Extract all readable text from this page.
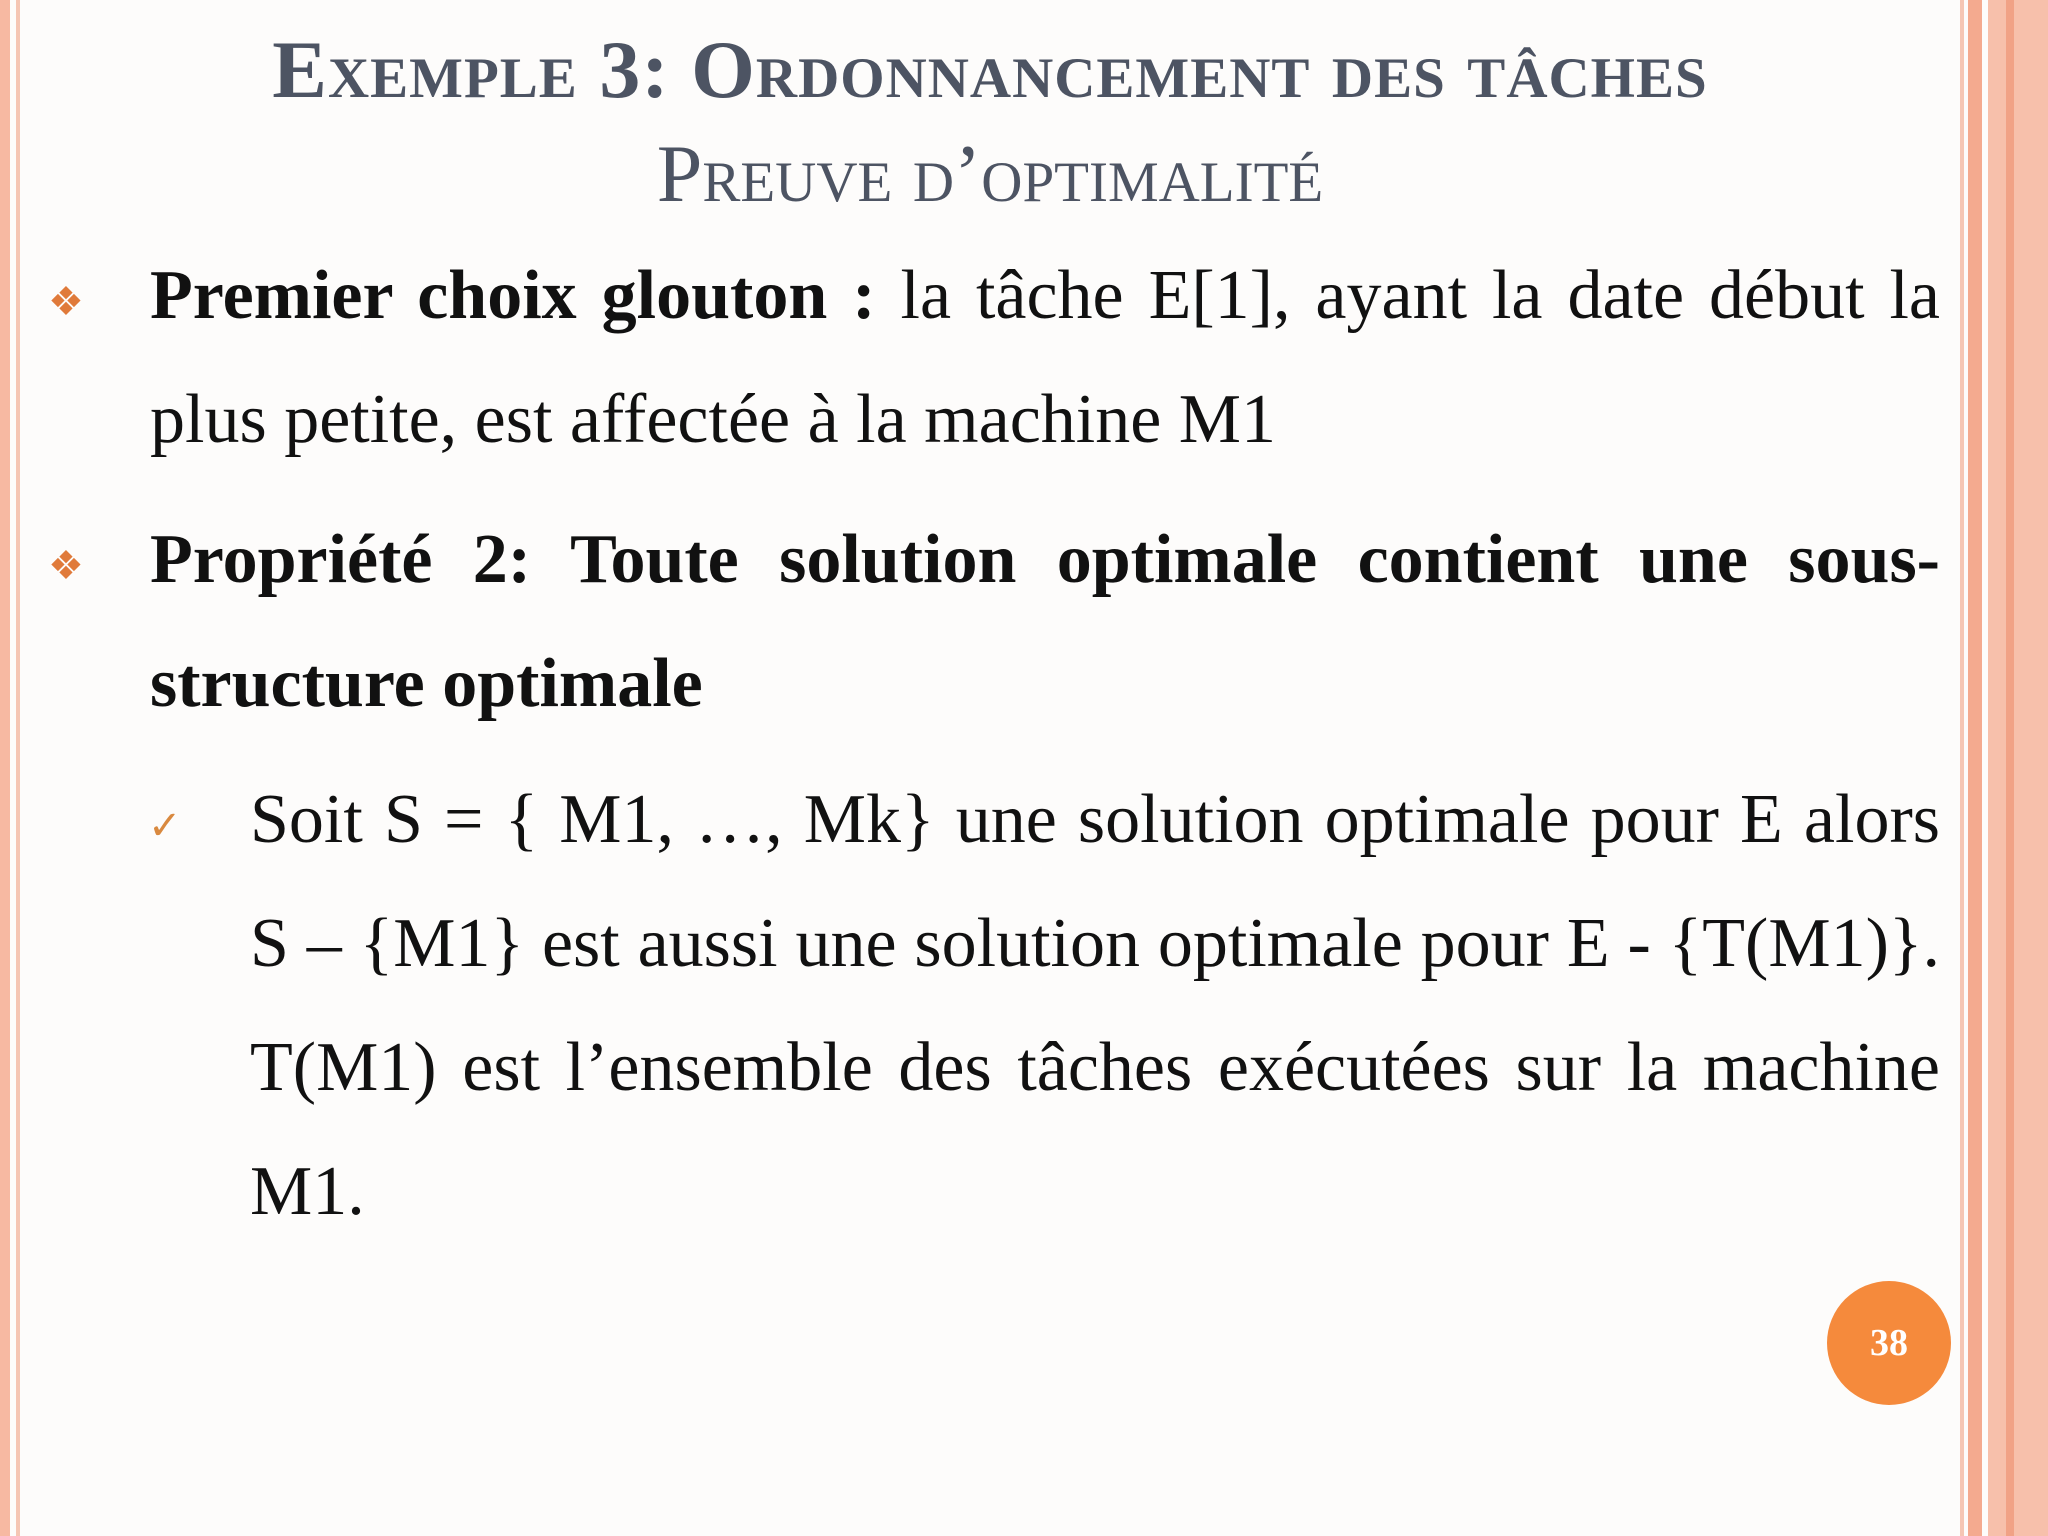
Exemple 3: Ordonnancement des tâches
Preuve d’optimalité
❖ Premier choix glouton : la tâche E[1], ayant la date début la plus petite, est affectée à la machine M1
❖ Propriété 2: Toute solution optimale contient une sous-structure optimale
✓ Soit S = { M1, …, Mk} une solution optimale pour E alors S – {M1} est aussi une solution optimale pour E - {T(M1)}. T(M1) est l’ensemble des tâches exécutées sur la machine M1.
38
